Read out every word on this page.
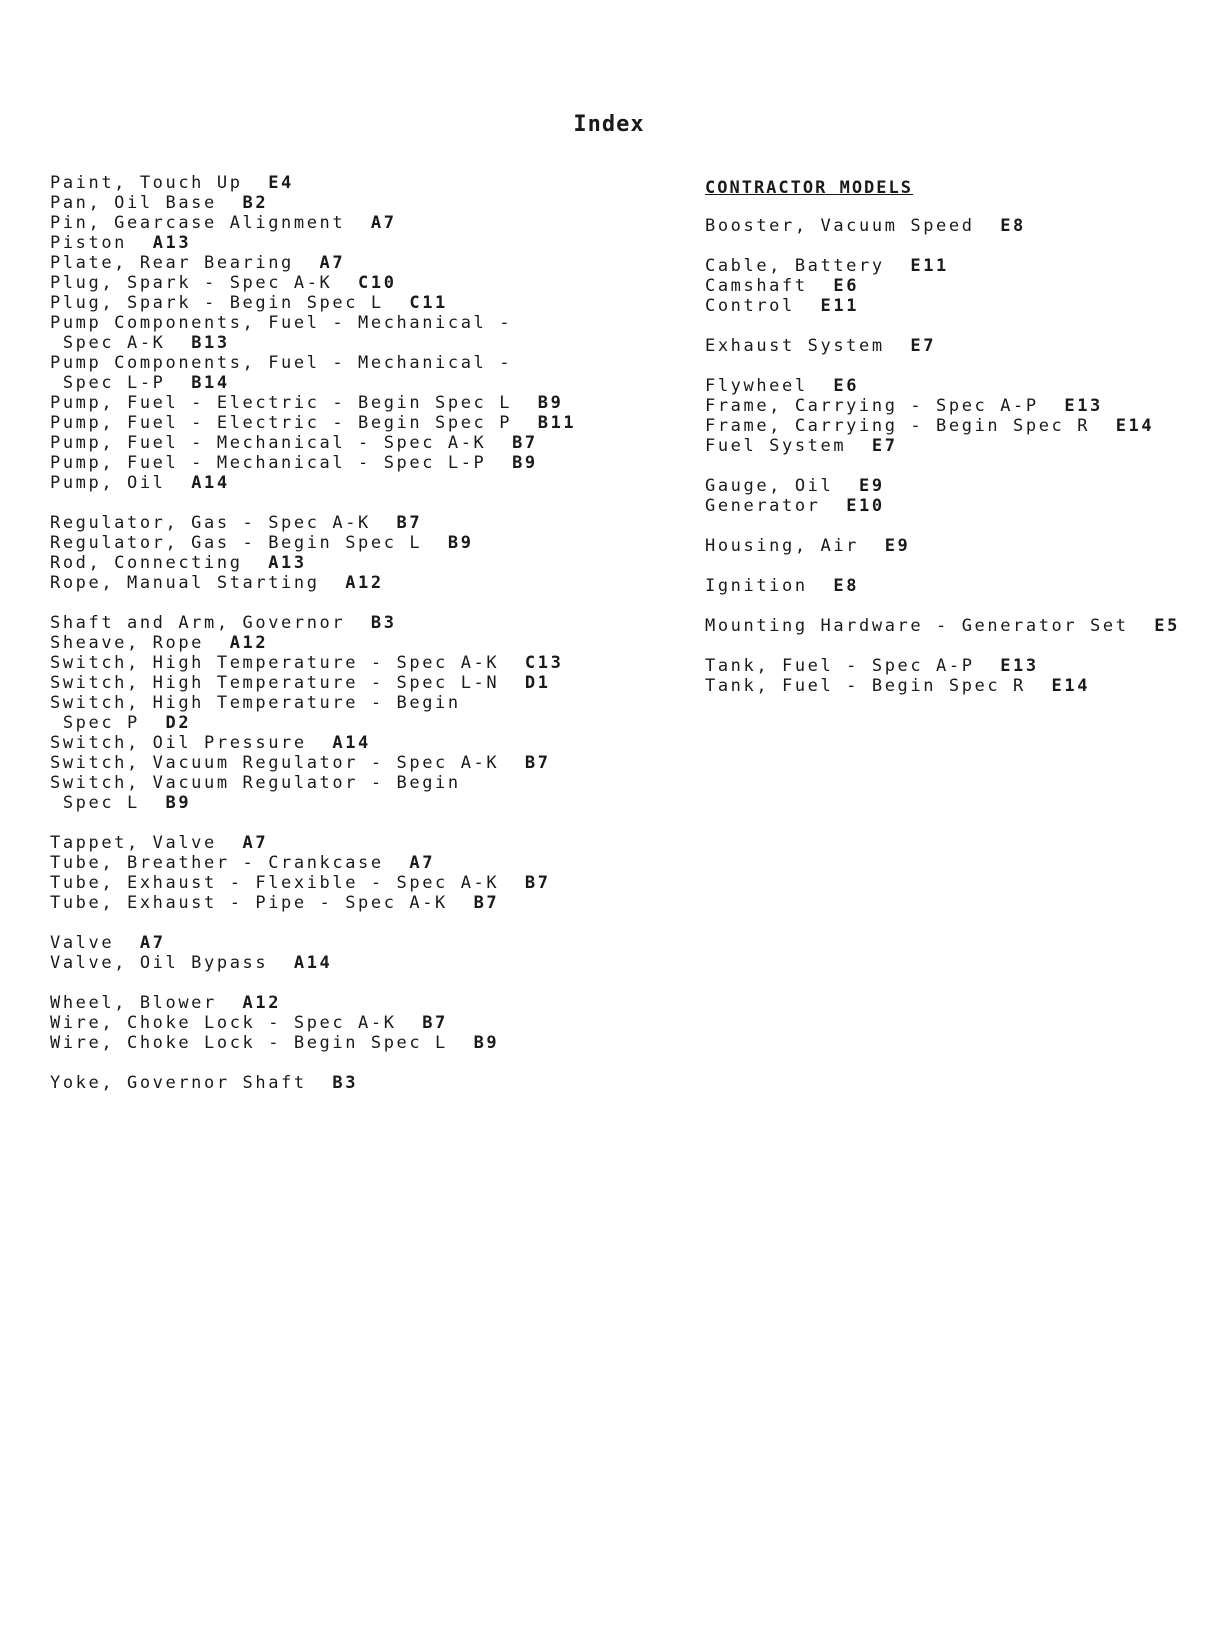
Index
Paint, Touch Up E4
Pan, Oil Base B2
Pin, Gearcase Alignment A7
Piston A13
Plate, Rear Bearing A7
Plug, Spark - Spec A-K C10
Plug, Spark - Begin Spec L C11
Pump Components, Fuel - Mechanical -
Spec A-K B13
Pump Components, Fuel - Mechanical -
Spec L-P B14
Pump, Fuel - Electric - Begin Spec L B9
Pump, Fuel - Electric - Begin Spec P B11
Pump, Fuel - Mechanical - Spec A-K B7
Pump, Fuel - Mechanical - Spec L-P B9
Pump, Oil A14
Regulator, Gas - Spec A-K B7
Regulator, Gas - Begin Spec L B9
Rod, Connecting A13
Rope, Manual Starting A12
Shaft and Arm, Governor B3
Sheave, Rope A12
Switch, High Temperature - Spec A-K C13
Switch, High Temperature - Spec L-N D1
Switch, High Temperature - Begin
Spec P D2
Switch, Oil Pressure A14
Switch, Vacuum Regulator - Spec A-K B7
Switch, Vacuum Regulator - Begin
Spec L B9
Tappet, Valve A7
Tube, Breather - Crankcase A7
Tube, Exhaust - Flexible - Spec A-K B7
Tube, Exhaust - Pipe - Spec A-K B7
Valve A7
Valve, Oil Bypass A14
Wheel, Blower A12
Wire, Choke Lock - Spec A-K B7
Wire, Choke Lock - Begin Spec L B9
Yoke, Governor Shaft B3
CONTRACTOR MODELS
Booster, Vacuum Speed E8
Cable, Battery E11
Camshaft E6
Control E11
Exhaust System E7
Flywheel E6
Frame, Carrying - Spec A-P E13
Frame, Carrying - Begin Spec R E14
Fuel System E7
Gauge, Oil E9
Generator E10
Housing, Air E9
Ignition E8
Mounting Hardware - Generator Set E5
Tank, Fuel - Spec A-P E13
Tank, Fuel - Begin Spec R E14
